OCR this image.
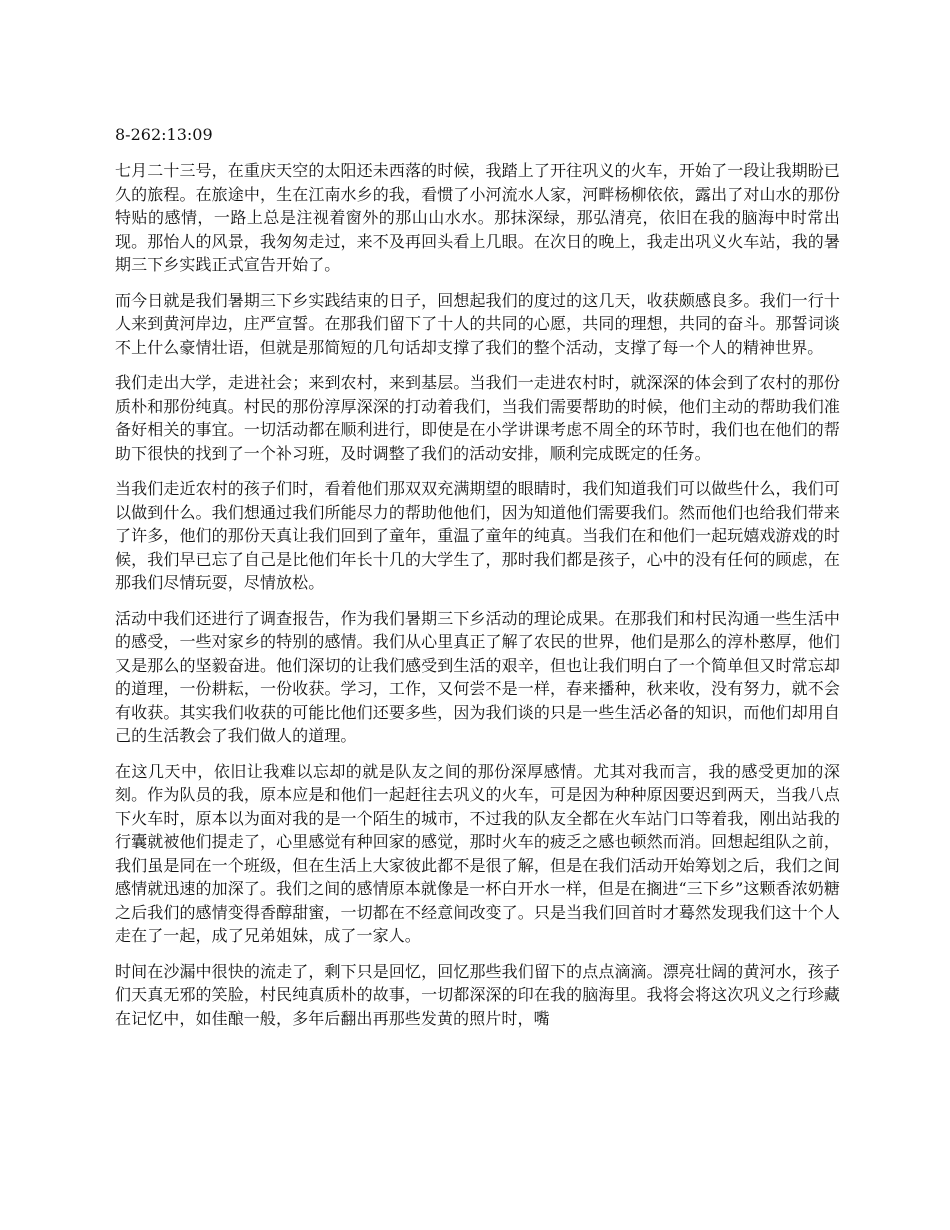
8-262:13:09

七月二十三号，在重庆天空的太阳还未西落的时候，我踏上了开往巩义的火车，开始了一段让我期盼已久的旅程。在旅途中，生在江南水乡的我，看惯了小河流水人家，河畔杨柳依依，露出了对山水的那份特贴的感情，一路上总是注视着窗外的那山山水水。那抹深绿，那弘清亮，依旧在我的脑海中时常出现。那怡人的风景，我匆匆走过，来不及再回头看上几眼。在次日的晚上，我走出巩义火车站，我的暑期三下乡实践正式宣告开始了。

而今日就是我们暑期三下乡实践结束的日子，回想起我们的度过的这几天，收获颇感良多。我们一行十人来到黄河岸边，庄严宣誓。在那我们留下了十人的共同的心愿，共同的理想，共同的奋斗。那誓词谈不上什么豪情壮语，但就是那简短的几句话却支撑了我们的整个活动，支撑了每一个人的精神世界。

我们走出大学，走进社会；来到农村，来到基层。当我们一走进农村时，就深深的体会到了农村的那份质朴和那份纯真。村民的那份淳厚深深的打动着我们，当我们需要帮助的时候，他们主动的帮助我们准备好相关的事宜。一切活动都在顺利进行，即使是在小学讲课考虑不周全的环节时，我们也在他们的帮助下很快的找到了一个补习班，及时调整了我们的活动安排，顺利完成既定的任务。

当我们走近农村的孩子们时，看着他们那双双充满期望的眼睛时，我们知道我们可以做些什么，我们可以做到什么。我们想通过我们所能尽力的帮助他他们，因为知道他们需要我们。然而他们也给我们带来了许多，他们的那份天真让我们回到了童年，重温了童年的纯真。当我们在和他们一起玩嬉戏游戏的时候，我们早已忘了自己是比他们年长十几的大学生了，那时我们都是孩子，心中的没有任何的顾虑，在那我们尽情玩耍，尽情放松。

活动中我们还进行了调查报告，作为我们暑期三下乡活动的理论成果。在那我们和村民沟通一些生活中的感受，一些对家乡的特别的感情。我们从心里真正了解了农民的世界，他们是那么的淳朴憨厚，他们又是那么的坚毅奋进。他们深切的让我们感受到生活的艰辛，但也让我们明白了一个简单但又时常忘却的道理，一份耕耘，一份收获。学习，工作，又何尝不是一样，春来播种，秋来收，没有努力，就不会有收获。其实我们收获的可能比他们还要多些，因为我们谈的只是一些生活必备的知识，而他们却用自己的生活教会了我们做人的道理。

在这几天中，依旧让我难以忘却的就是队友之间的那份深厚感情。尤其对我而言，我的感受更加的深刻。作为队员的我，原本应是和他们一起赶往去巩义的火车，可是因为种种原因要迟到两天，当我八点下火车时，原本以为面对我的是一个陌生的城市，不过我的队友全都在火车站门口等着我，刚出站我的行囊就被他们提走了，心里感觉有种回家的感觉，那时火车的疲乏之感也顿然而消。回想起组队之前，我们虽是同在一个班级，但在生活上大家彼此都不是很了解，但是在我们活动开始筹划之后，我们之间感情就迅速的加深了。我们之间的感情原本就像是一杯白开水一样，但是在搁进“三下乡”这颗香浓奶糖之后我们的感情变得香醇甜蜜，一切都在不经意间改变了。只是当我们回首时才蓦然发现我们这十个人走在了一起，成了兄弟姐妹，成了一家人。

时间在沙漏中很快的流走了，剩下只是回忆，回忆那些我们留下的点点滴滴。漂亮壮阔的黄河水，孩子们天真无邪的笑脸，村民纯真质朴的故事，一切都深深的印在我的脑海里。我将会将这次巩义之行珍藏在记忆中，如佳酿一般，多年后翻出再那些发黄的照片时，嘴
